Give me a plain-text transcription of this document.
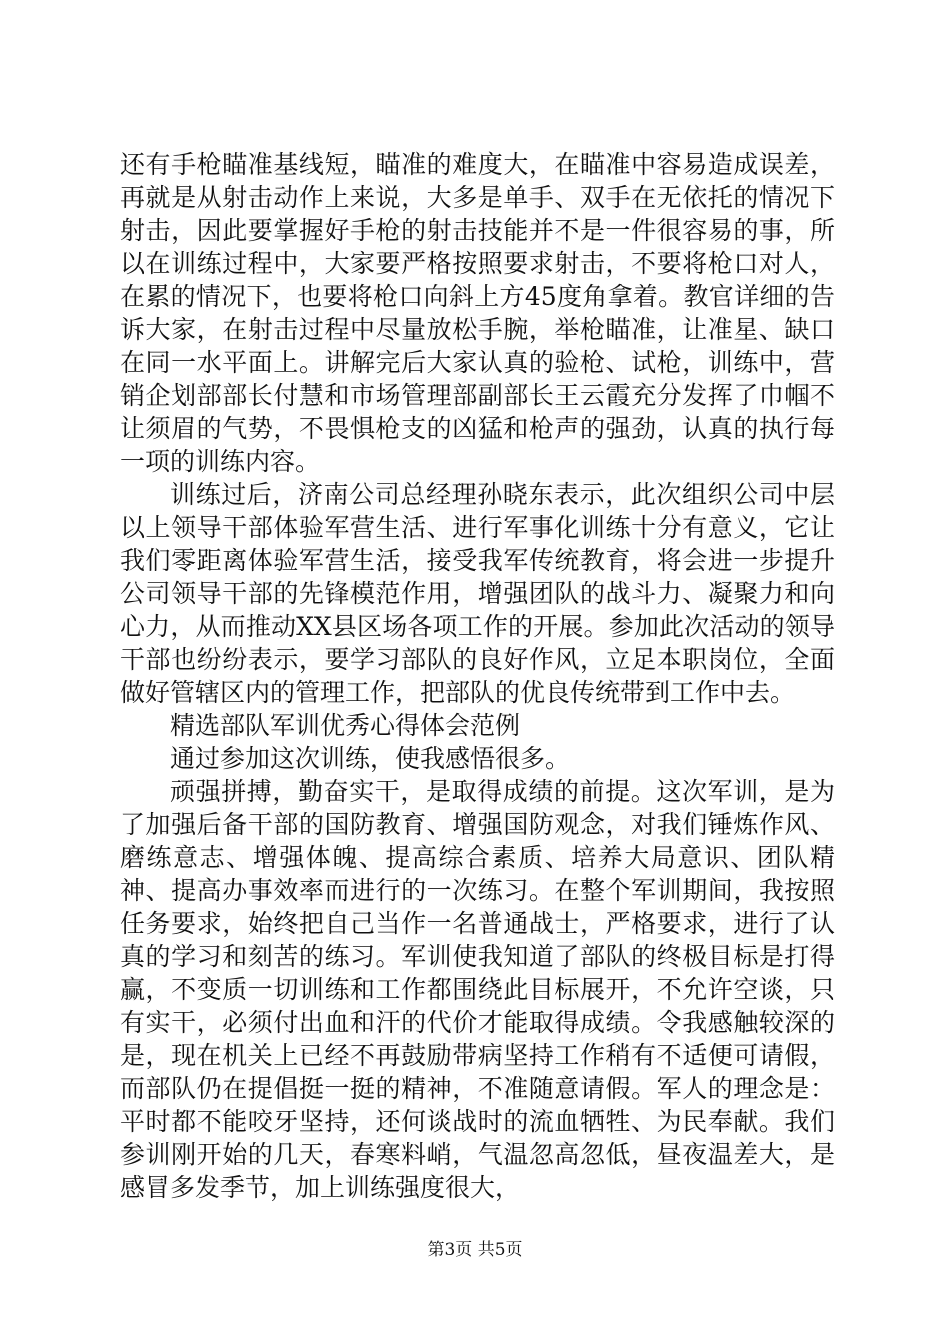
还有手枪瞄准基线短，瞄准的难度大，在瞄准中容易造成误差，再就是从射击动作上来说，大多是单手、双手在无依托的情况下射击，因此要掌握好手枪的射击技能并不是一件很容易的事，所以在训练过程中，大家要严格按照要求射击，不要将枪口对人，在累的情况下，也要将枪口向斜上方45度角拿着。教官详细的告诉大家，在射击过程中尽量放松手腕，举枪瞄准，让准星、缺口在同一水平面上。讲解完后大家认真的验枪、试枪，训练中，营销企划部部长付慧和市场管理部副部长王云霞充分发挥了巾帼不让须眉的气势，不畏惧枪支的凶猛和枪声的强劲，认真的执行每一项的训练内容。

训练过后，济南公司总经理孙晓东表示，此次组织公司中层以上领导干部体验军营生活、进行军事化训练十分有意义，它让我们零距离体验军营生活，接受我军传统教育，将会进一步提升公司领导干部的先锋模范作用，增强团队的战斗力、凝聚力和向心力，从而推动XX县区场各项工作的开展。参加此次活动的领导干部也纷纷表示，要学习部队的良好作风，立足本职岗位，全面做好管辖区内的管理工作，把部队的优良传统带到工作中去。

精选部队军训优秀心得体会范例

通过参加这次训练，使我感悟很多。

顽强拼搏，勤奋实干，是取得成绩的前提。这次军训，是为了加强后备干部的国防教育、增强国防观念，对我们锤炼作风、磨练意志、增强体魄、提高综合素质、培养大局意识、团队精神、提高办事效率而进行的一次练习。在整个军训期间，我按照任务要求，始终把自己当作一名普通战士，严格要求，进行了认真的学习和刻苦的练习。军训使我知道了部队的终极目标是打得赢，不变质一切训练和工作都围绕此目标展开，不允许空谈，只有实干，必须付出血和汗的代价才能取得成绩。令我感触较深的是，现在机关上已经不再鼓励带病坚持工作稍有不适便可请假，而部队仍在提倡挺一挺的精神，不准随意请假。军人的理念是：平时都不能咬牙坚持，还何谈战时的流血牺牲、为民奉献。我们参训刚开始的几天，春寒料峭，气温忽高忽低，昼夜温差大，是感冒多发季节，加上训练强度很大，

第3页 共5页
